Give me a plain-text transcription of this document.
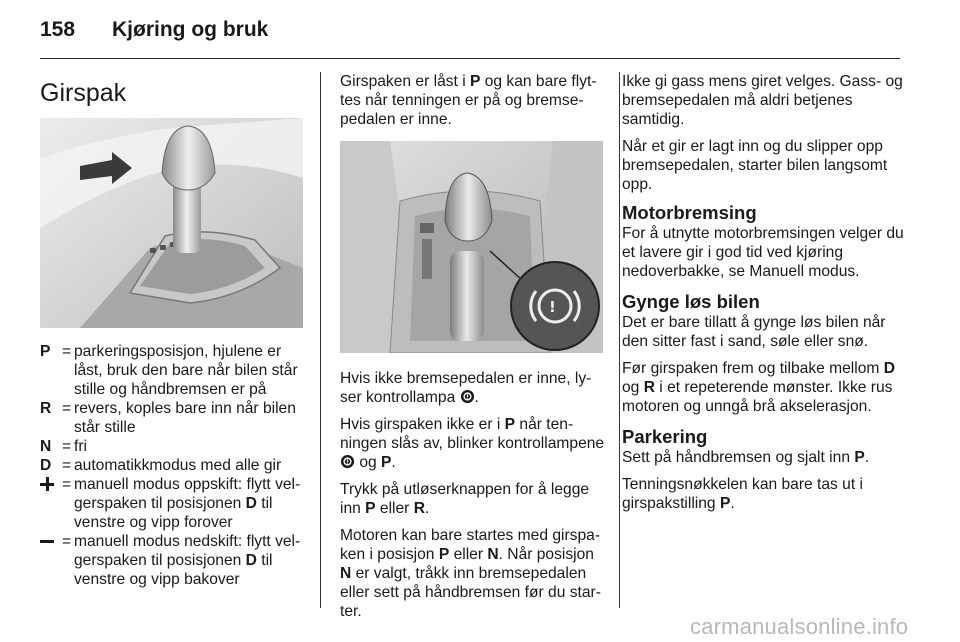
158 Kjøring og bruk
Girspak
P = parkeringsposisjon, hjulene er låst, bruk den bare når bilen står stille og håndbremsen er på
R = revers, koples bare inn når bilen står stille
N = fri
D = automatikkmodus med alle gir
= manuell modus oppskift: flytt velgerspaken til posisjonen D til venstre og vipp forover
= manuell modus nedskift: flytt velgerspaken til posisjonen D til venstre og vipp bakover

Girspaken er låst i P og kan bare flyttes når tenningen er på og bremsepedalen er inne.

!

Hvis ikke bremsepedalen er inne, lyser kontrollampa .

Hvis girspaken ikke er i P når tenningen slås av, blinker kontrollampene  og P.

Trykk på utløserknappen for å legge inn P eller R.

Motoren kan bare startes med girspaken i posisjon P eller N. Når posisjon N er valgt, tråkk inn bremsepedalen eller sett på håndbremsen før du starter.

Ikke gi gass mens giret velges. Gass- og bremsepedalen må aldri betjenes samtidig.

Når et gir er lagt inn og du slipper opp bremsepedalen, starter bilen langsomt opp.

Motorbremsing

For å utnytte motorbremsingen velger du et lavere gir i god tid ved kjøring nedoverbakke, se Manuell modus.

Gynge løs bilen

Det er bare tillatt å gynge løs bilen når den sitter fast i sand, søle eller snø.

Før girspaken frem og tilbake mellom D og R i et repeterende mønster. Ikke rus motoren og unngå brå akselerasjon.

Parkering

Sett på håndbremsen og sjalt inn P.

Tenningsnøkkelen kan bare tas ut i girspakstilling P.

carmanualsonline.info
